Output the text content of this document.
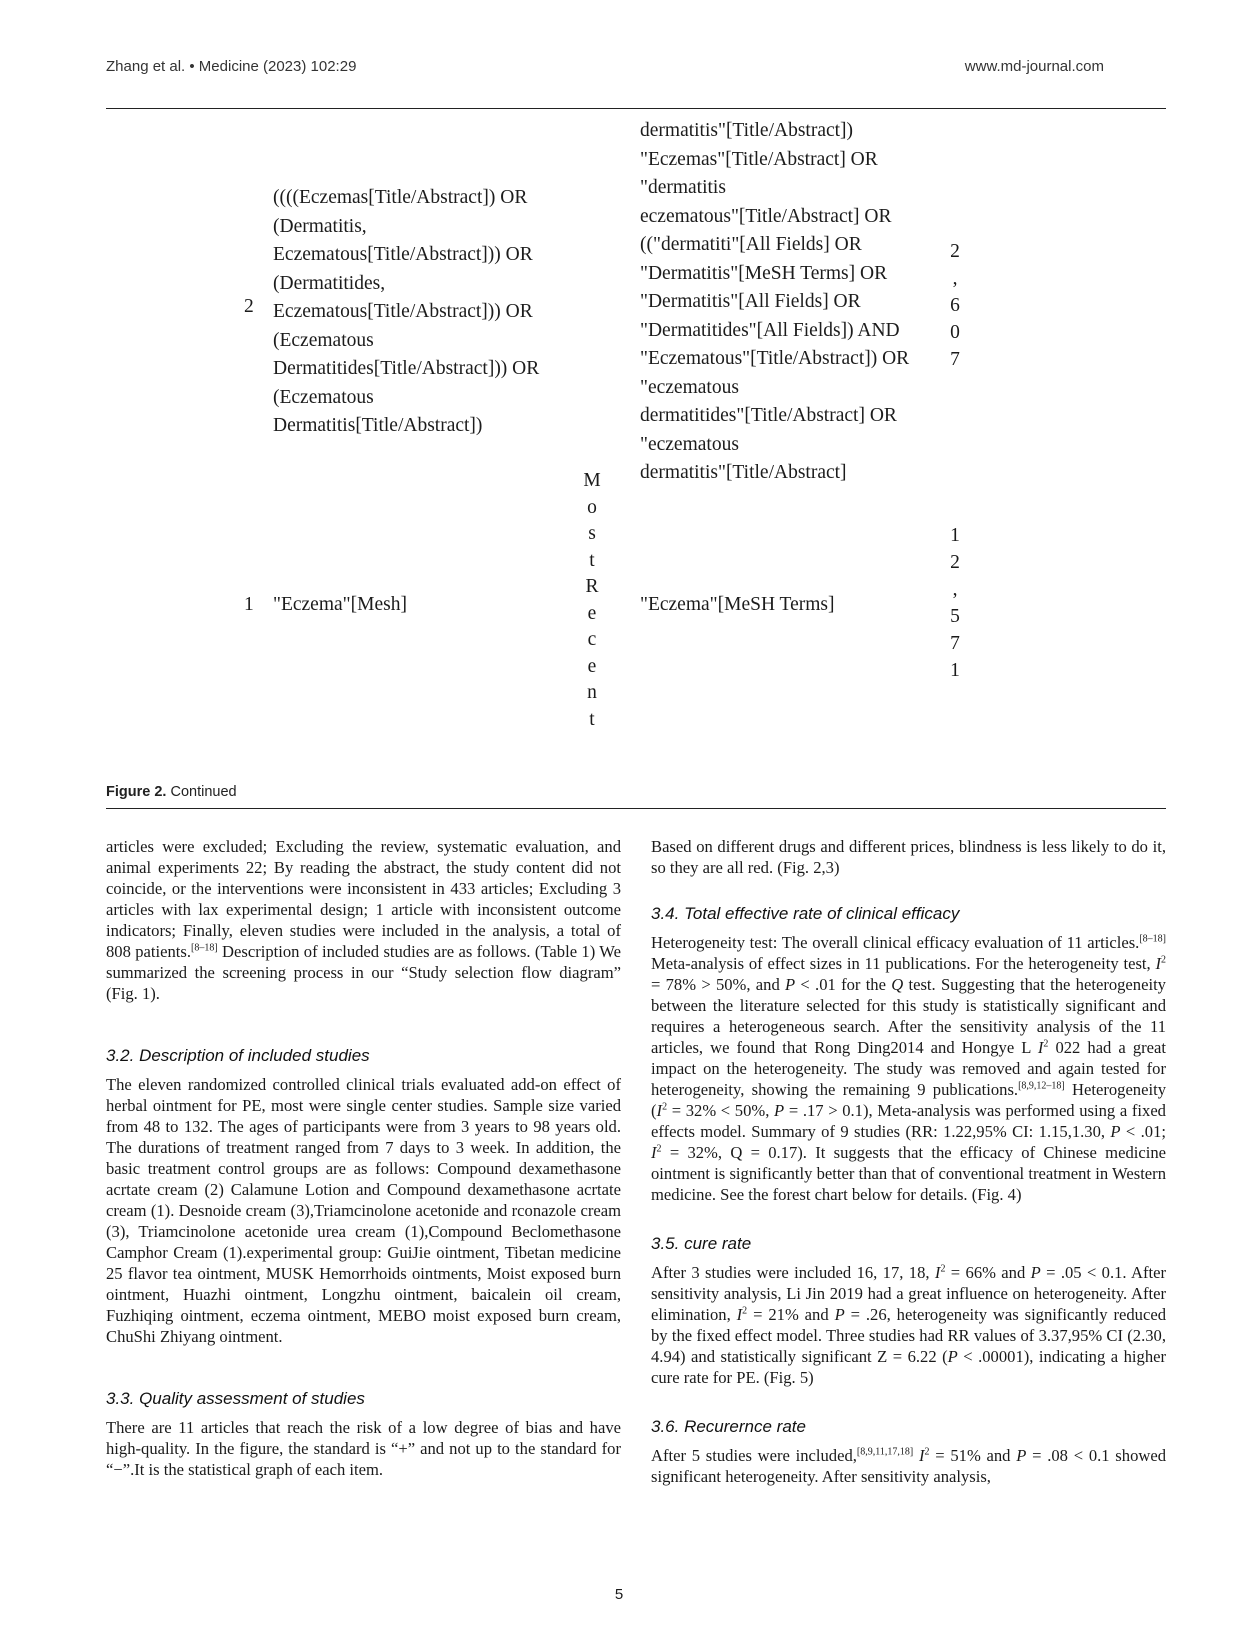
Zhang et al. • Medicine (2023) 102:29	www.md-journal.com
2
((((Eczemas[Title/Abstract]) OR
(Dermatitis,
Eczematous[Title/Abstract])) OR
(Dermatitides,
Eczematous[Title/Abstract])) OR
(Eczematous
Dermatitides[Title/Abstract])) OR
(Eczematous
Dermatitis[Title/Abstract])
dermatitis"[Title/Abstract])
"Eczemas"[Title/Abstract] OR
"dermatitis
eczematous"[Title/Abstract] OR
(("dermatiti"[All Fields] OR
"Dermatitis"[MeSH Terms] OR
"Dermatitis"[All Fields] OR
"Dermatitides"[All Fields]) AND
"Eczematous"[Title/Abstract]) OR
"eczematous
dermatitides"[Title/Abstract] OR
"eczematous
dermatitis"[Title/Abstract]
2
,
6
0
7
1 "Eczema"[Mesh]
M
o
s
t
R
e
c
e
n
t
"Eczema"[MeSH Terms]
1
2
,
5
7
1
Figure 2. Continued

articles were excluded; Excluding the review, systematic evaluation, and animal experiments 22; By reading the abstract, the study content did not coincide, or the interventions were inconsistent in 433 articles; Excluding 3 articles with lax experimental design; 1 article with inconsistent outcome indicators; Finally, eleven studies were included in the analysis, a total of 808 patients.[8–18] Description of included studies are as follows. (Table 1) We summarized the screening process in our “Study selection flow diagram” (Fig. 1).

3.2. Description of included studies

The eleven randomized controlled clinical trials evaluated add-on effect of herbal ointment for PE, most were single center studies. Sample size varied from 48 to 132. The ages of participants were from 3 years to 98 years old. The durations of treatment ranged from 7 days to 3 week. In addition, the basic treatment control groups are as follows: Compound dexamethasone acrtate cream (2) Calamune Lotion and Compound dexamethasone acrtate cream (1). Desnoide cream (3),Triamcinolone acetonide and rconazole cream (3), Triamcinolone acetonide urea cream (1),Compound Beclomethasone Camphor Cream (1).experimental group: GuiJie ointment, Tibetan medicine 25 flavor tea ointment, MUSK Hemorrhoids ointments, Moist exposed burn ointment, Huazhi ointment, Longzhu ointment, baicalein oil cream, Fuzhiqing ointment, eczema ointment, MEBO moist exposed burn cream, ChuShi Zhiyang ointment.

3.3. Quality assessment of studies

There are 11 articles that reach the risk of a low degree of bias and have high-quality. In the figure, the standard is “+” and not up to the standard for “−”.It is the statistical graph of each item.

Based on different drugs and different prices, blindness is less likely to do it, so they are all red. (Fig. 2,3)

3.4. Total effective rate of clinical efficacy

Heterogeneity test: The overall clinical efficacy evaluation of 11 articles.[8–18] Meta-analysis of effect sizes in 11 publications. For the heterogeneity test, $I^2 = 78\% > 50\%$, and P < .01 for the Q test. Suggesting that the heterogeneity between the literature selected for this study is statistically significant and requires a heterogeneous search. After the sensitivity analysis of the 11 articles, we found that Rong Ding2014 and Hongye L $I^2$ 022 had a great impact on the heterogeneity. The study was removed and again tested for heterogeneity, showing the remaining 9 publications.[8,9,12–18] Heterogeneity ($I^2 = 32\% < 50\%$, P = .17 > 0.1), Meta-analysis was performed using a fixed effects model. Summary of 9 studies (RR: 1.22,95% CI: 1.15,1.30, P < .01; $I^2 = 32\%$, Q = 0.17). It suggests that the efficacy of Chinese medicine ointment is significantly better than that of conventional treatment in Western medicine. See the forest chart below for details. (Fig. 4)

3.5. cure rate

After 3 studies were included 16, 17, 18, $I^2 = 66\%$ and P = .05 < 0.1. After sensitivity analysis, Li Jin 2019 had a great influence on heterogeneity. After elimination, $I^2 = 21\%$ and P = .26, heterogeneity was significantly reduced by the fixed effect model. Three studies had RR values of 3.37,95% CI (2.30, 4.94) and statistically significant Z = 6.22 (P < .00001), indicating a higher cure rate for PE. (Fig. 5)

3.6. Recurernce rate

After 5 studies were included,[8,9,11,17,18] $I^2 = 51\%$ and P = .08 < 0.1 showed significant heterogeneity. After sensitivity analysis,

5
